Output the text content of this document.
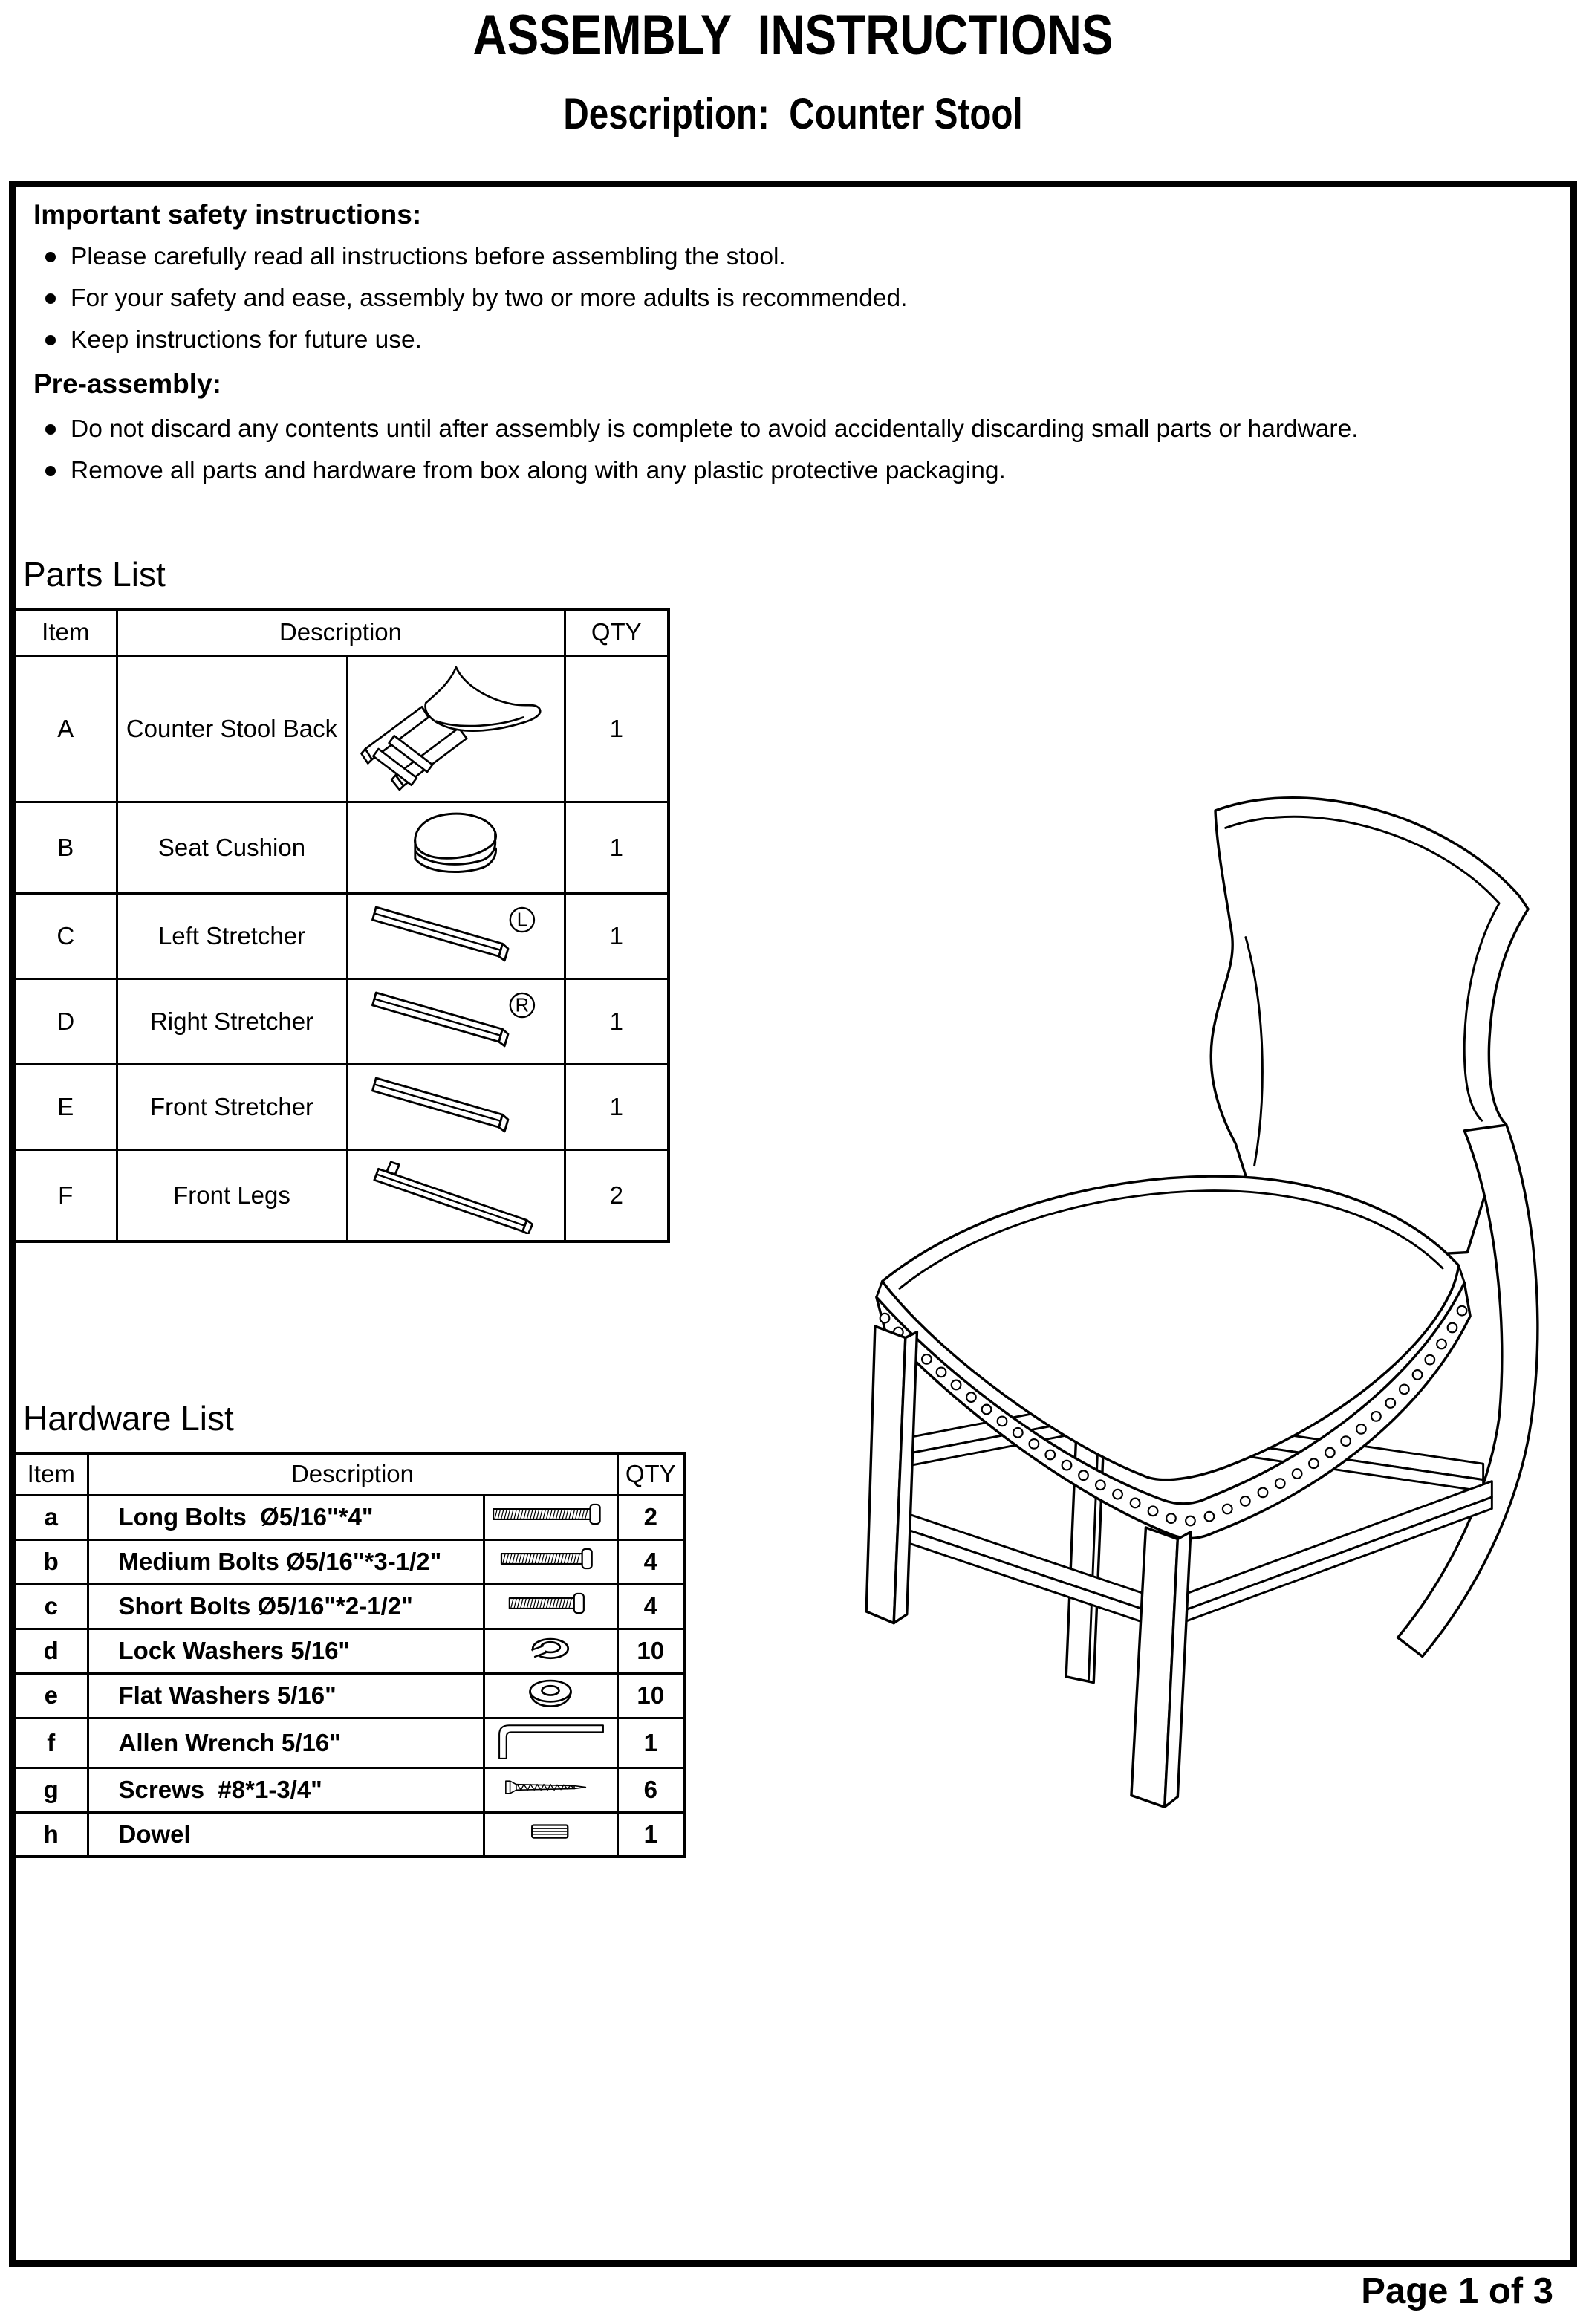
ASSEMBLY  INSTRUCTIONS
Description:  Counter Stool
Important safety instructions:
Please carefully read all instructions before assembling the stool.
For your safety and ease, assembly by two or more adults is recommended.
Keep instructions for future use.
Pre-assembly:
Do not discard any contents until after assembly is complete to avoid accidentally discarding small parts or hardware.
Remove all parts and hardware from box along with any plastic protective packaging.
Parts List
Item	Description		QTY
A	Counter Stool Back		1
B	Seat Cushion		1
C	Left Stretcher	L	1
D	Right Stretcher	R	1
E	Front Stretcher		1
F	Front Legs		2
Hardware List
Item	Description		QTY
a	Long Bolts  Ø5/16"*4"		2
b	Medium Bolts Ø5/16"*3-1/2"		4
c	Short Bolts Ø5/16"*2-1/2"		4
d	Lock Washers 5/16"		10
e	Flat Washers 5/16"		10
f	Allen Wrench 5/16"		1
g	Screws  #8*1-3/4"		6
h	Dowel		1
Page 1 of 3
